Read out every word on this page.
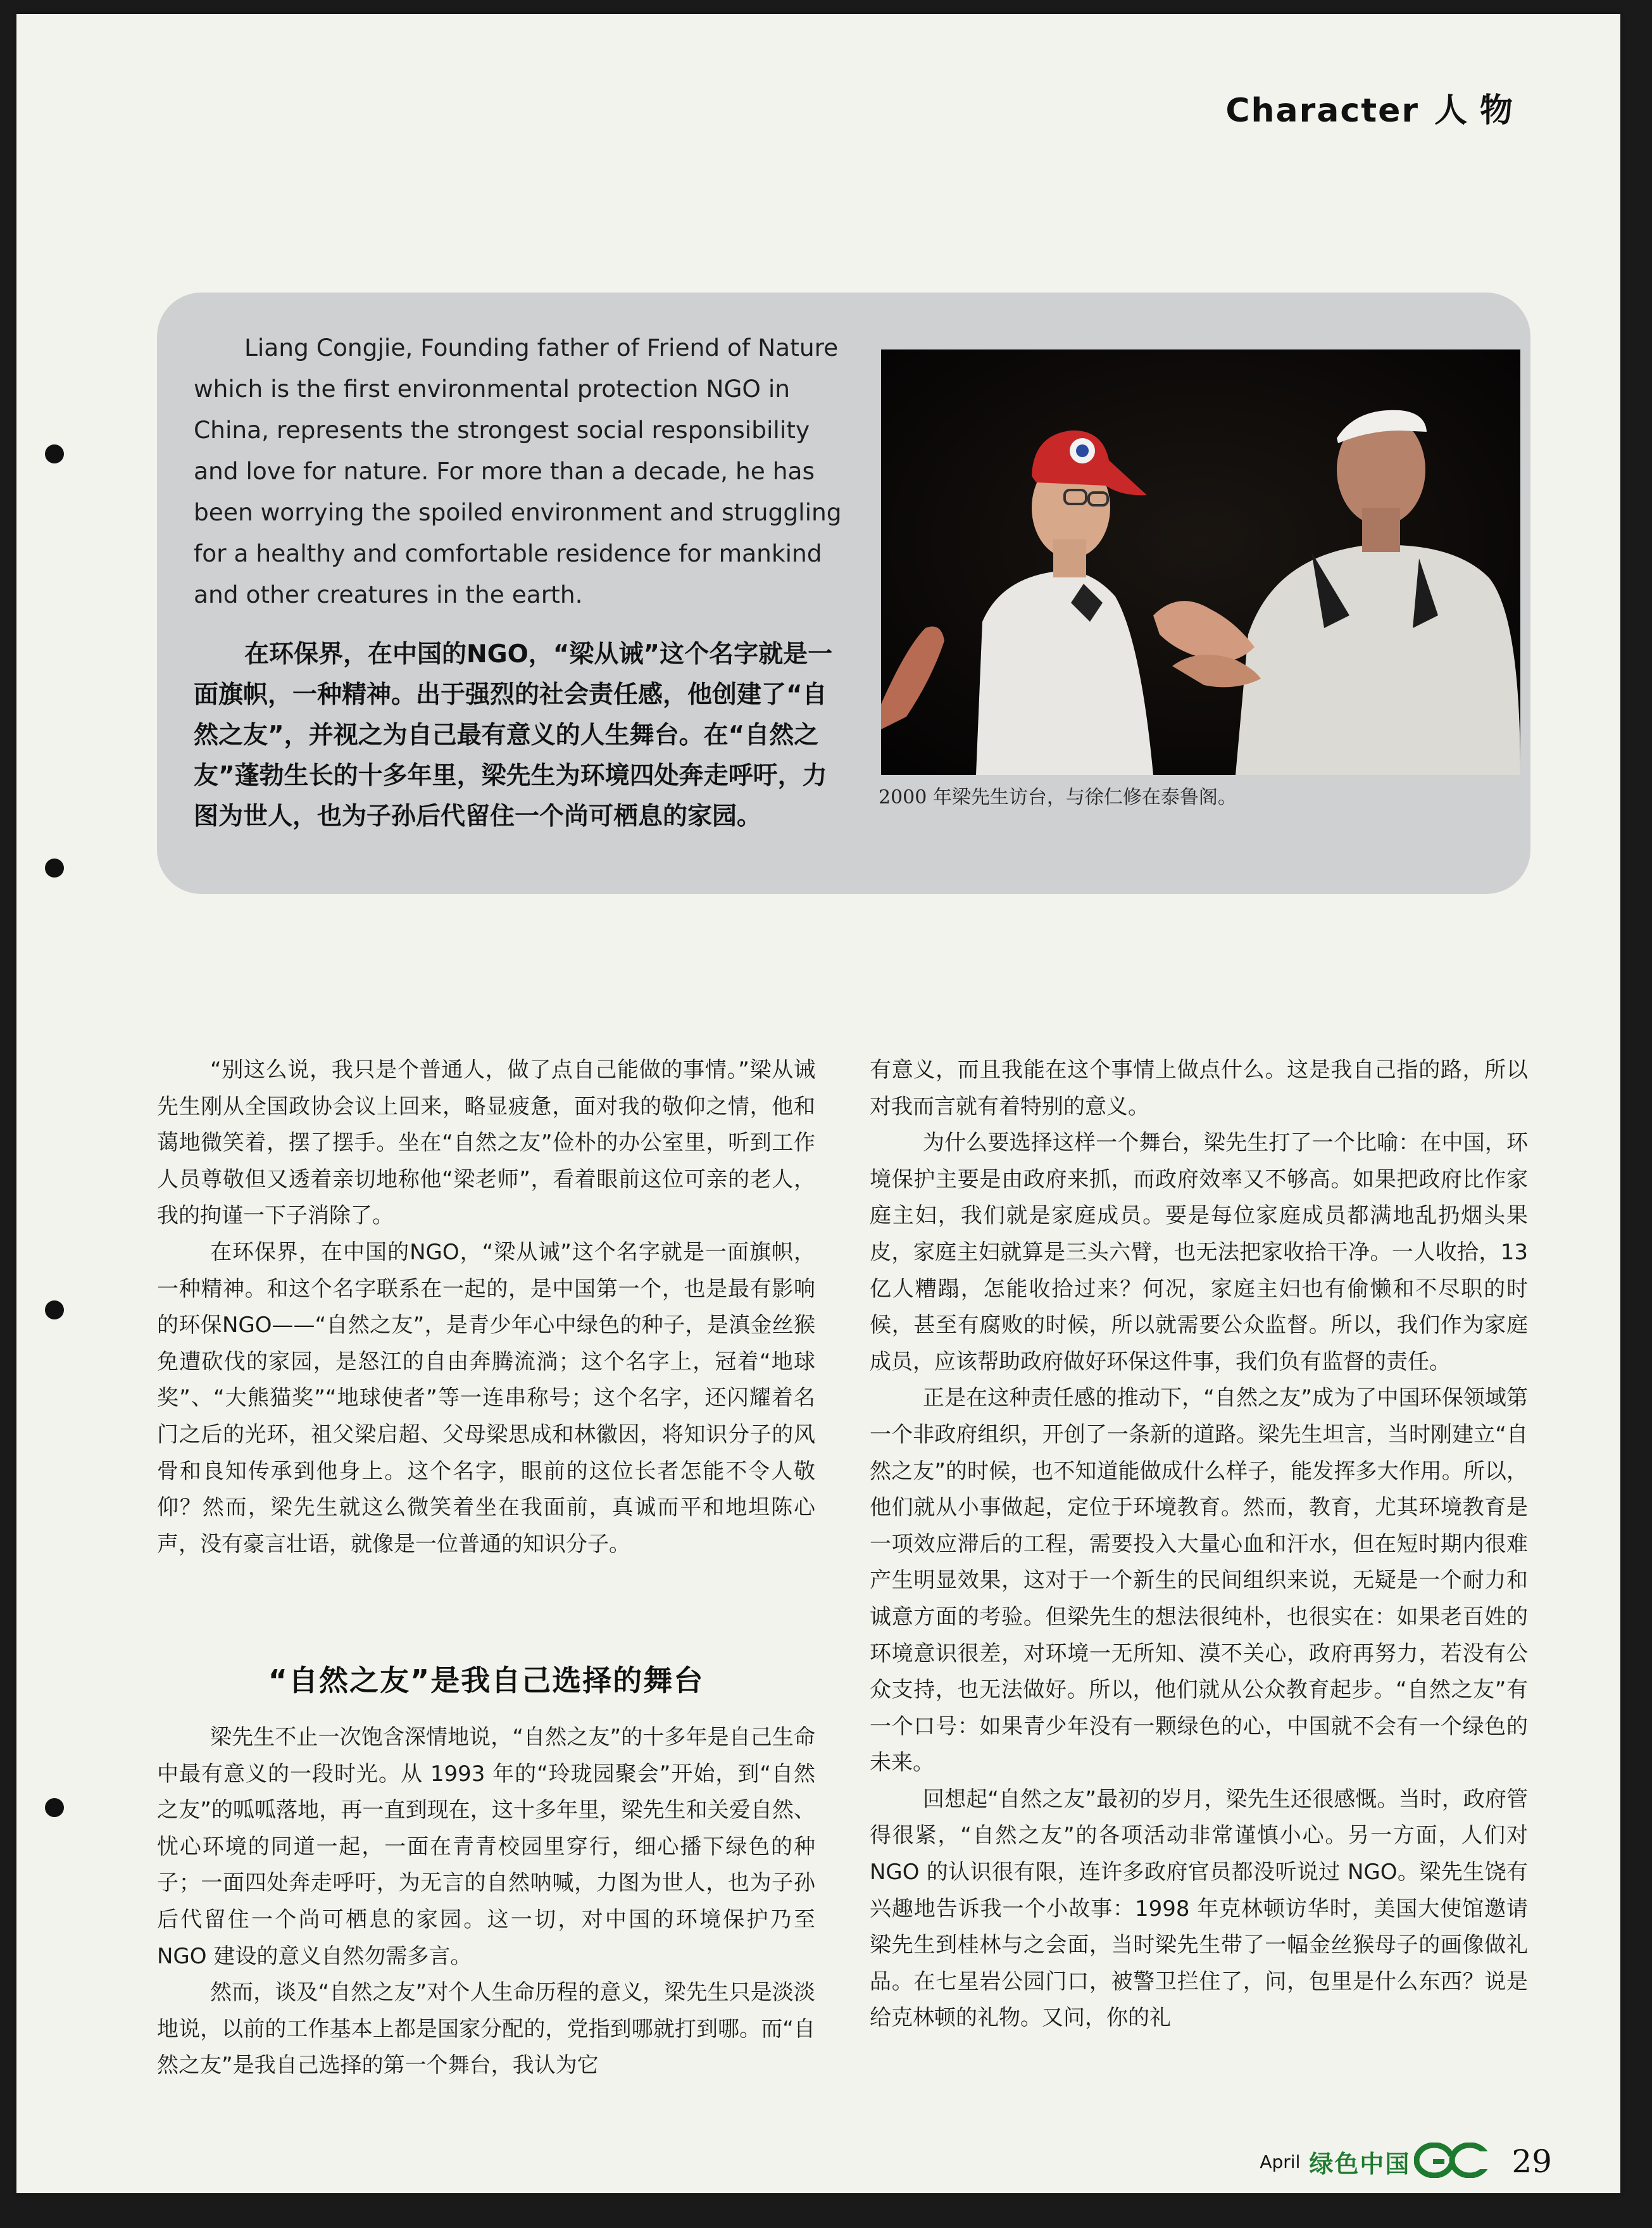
Character 人物

Liang Congjie, Founding father of Friend of Nature which is the first environmental protection NGO in China, represents the strongest social responsibility and love for nature. For more than a decade, he has been worrying the spoiled environment and struggling for a healthy and comfortable residence for mankind and other creatures in the earth.

在环保界，在中国的NGO，“梁从诫”这个名字就是一面旗帜，一种精神。出于强烈的社会责任感，他创建了“自然之友”，并视之为自己最有意义的人生舞台。在“自然之友”蓬勃生长的十多年里，梁先生为环境四处奔走呼吁，力图为世人，也为子孙后代留住一个尚可栖息的家园。

2000 年梁先生访台，与徐仁修在泰鲁阁。

“别这么说，我只是个普通人，做了点自己能做的事情。”梁从诫先生刚从全国政协会议上回来，略显疲惫，面对我的敬仰之情，他和蔼地微笑着，摆了摆手。坐在“自然之友”俭朴的办公室里，听到工作人员尊敬但又透着亲切地称他“梁老师”，看着眼前这位可亲的老人，我的拘谨一下子消除了。

在环保界，在中国的NGO，“梁从诫”这个名字就是一面旗帜，一种精神。和这个名字联系在一起的，是中国第一个，也是最有影响的环保NGO——“自然之友”，是青少年心中绿色的种子，是滇金丝猴免遭砍伐的家园，是怒江的自由奔腾流淌；这个名字上，冠着“地球奖”、“大熊猫奖”“地球使者”等一连串称号；这个名字，还闪耀着名门之后的光环，祖父梁启超、父母梁思成和林徽因，将知识分子的风骨和良知传承到他身上。这个名字，眼前的这位长者怎能不令人敬仰？然而，梁先生就这么微笑着坐在我面前，真诚而平和地坦陈心声，没有豪言壮语，就像是一位普通的知识分子。

“自然之友”是我自己选择的舞台

梁先生不止一次饱含深情地说，“自然之友”的十多年是自己生命中最有意义的一段时光。从 1993 年的“玲珑园聚会”开始，到“自然之友”的呱呱落地，再一直到现在，这十多年里，梁先生和关爱自然、忧心环境的同道一起，一面在青青校园里穿行，细心播下绿色的种子；一面四处奔走呼吁，为无言的自然呐喊，力图为世人，也为子孙后代留住一个尚可栖息的家园。这一切，对中国的环境保护乃至 NGO 建设的意义自然勿需多言。

然而，谈及“自然之友”对个人生命历程的意义，梁先生只是淡淡地说，以前的工作基本上都是国家分配的，党指到哪就打到哪。而“自然之友”是我自己选择的第一个舞台，我认为它

有意义，而且我能在这个事情上做点什么。这是我自己指的路，所以对我而言就有着特别的意义。

为什么要选择这样一个舞台，梁先生打了一个比喻：在中国，环境保护主要是由政府来抓，而政府效率又不够高。如果把政府比作家庭主妇，我们就是家庭成员。要是每位家庭成员都满地乱扔烟头果皮，家庭主妇就算是三头六臂，也无法把家收拾干净。一人收拾，13 亿人糟蹋，怎能收拾过来？何况，家庭主妇也有偷懒和不尽职的时候，甚至有腐败的时候，所以就需要公众监督。所以，我们作为家庭成员，应该帮助政府做好环保这件事，我们负有监督的责任。

正是在这种责任感的推动下，“自然之友”成为了中国环保领域第一个非政府组织，开创了一条新的道路。梁先生坦言，当时刚建立“自然之友”的时候，也不知道能做成什么样子，能发挥多大作用。所以，他们就从小事做起，定位于环境教育。然而，教育，尤其环境教育是一项效应滞后的工程，需要投入大量心血和汗水，但在短时期内很难产生明显效果，这对于一个新生的民间组织来说，无疑是一个耐力和诚意方面的考验。但梁先生的想法很纯朴，也很实在：如果老百姓的环境意识很差，对环境一无所知、漠不关心，政府再努力，若没有公众支持，也无法做好。所以，他们就从公众教育起步。“自然之友”有一个口号：如果青少年没有一颗绿色的心，中国就不会有一个绿色的未来。

回想起“自然之友”最初的岁月，梁先生还很感慨。当时，政府管得很紧，“自然之友”的各项活动非常谨慎小心。另一方面，人们对 NGO 的认识很有限，连许多政府官员都没听说过 NGO。梁先生饶有兴趣地告诉我一个小故事：1998 年克林顿访华时，美国大使馆邀请梁先生到桂林与之会面，当时梁先生带了一幅金丝猴母子的画像做礼品。在七星岩公园门口，被警卫拦住了，问，包里是什么东西？说是给克林顿的礼物。又问，你的礼

April 绿色中国	29
